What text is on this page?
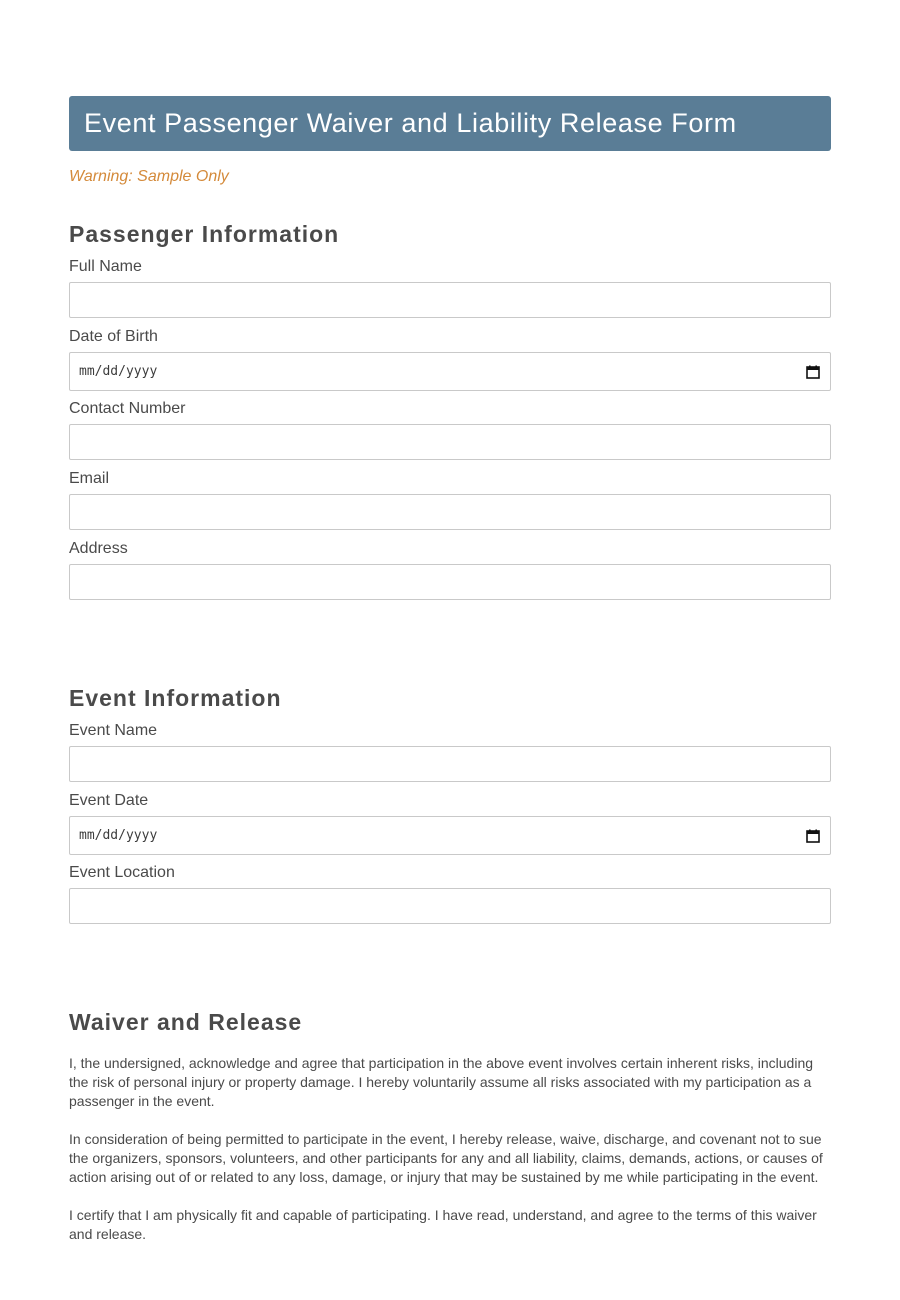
Event Passenger Waiver and Liability Release Form
Warning: Sample Only
Passenger Information
Full Name
Date of Birth
mm/dd/yyyy
Contact Number
Email
Address
Event Information
Event Name
Event Date
mm/dd/yyyy
Event Location
Waiver and Release

I, the undersigned, acknowledge and agree that participation in the above event involves certain inherent risks, including the risk of personal injury or property damage. I hereby voluntarily assume all risks associated with my participation as a passenger in the event.

In consideration of being permitted to participate in the event, I hereby release, waive, discharge, and covenant not to sue the organizers, sponsors, volunteers, and other participants for any and all liability, claims, demands, actions, or causes of action arising out of or related to any loss, damage, or injury that may be sustained by me while participating in the event.

I certify that I am physically fit and capable of participating. I have read, understand, and agree to the terms of this waiver and release.
